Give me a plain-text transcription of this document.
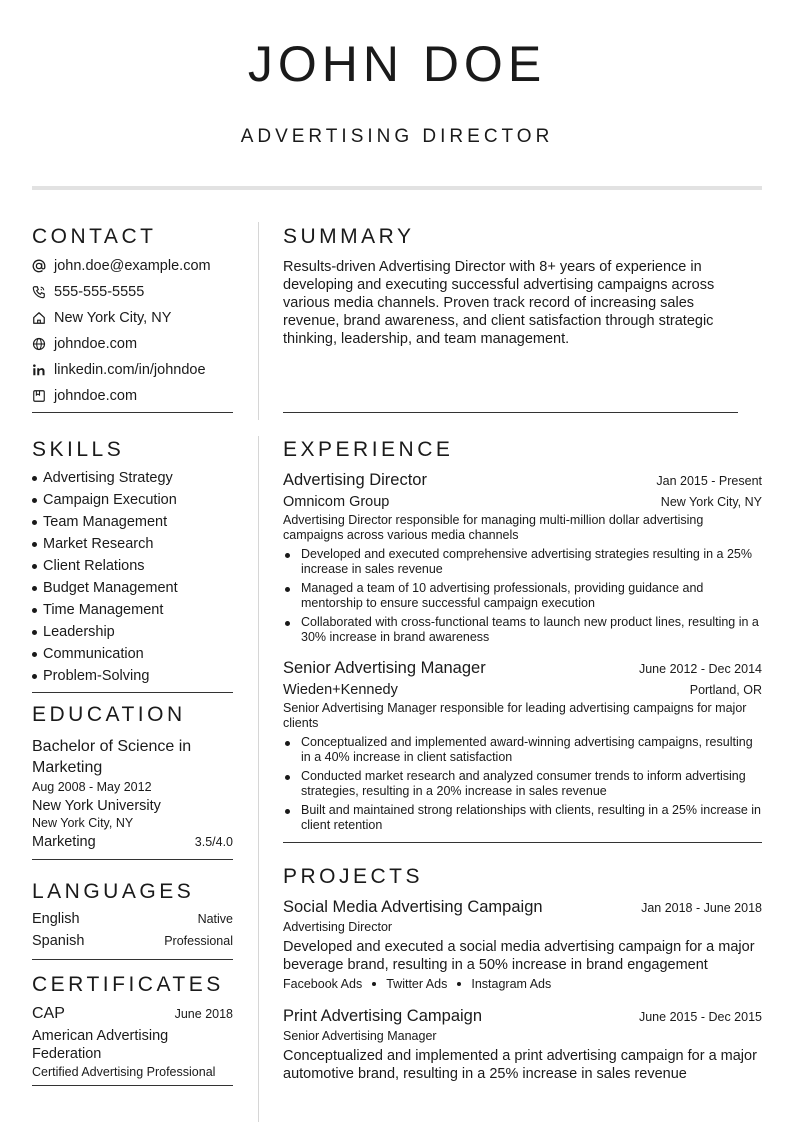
JOHN DOE
ADVERTISING DIRECTOR
CONTACT
john.doe@example.com
555-555-5555
New York City, NY
johndoe.com
linkedin.com/in/johndoe
johndoe.com
SKILLS
Advertising Strategy
Campaign Execution
Team Management
Market Research
Client Relations
Budget Management
Time Management
Leadership
Communication
Problem-Solving
EDUCATION
Bachelor of Science in Marketing
Aug 2008 - May 2012
New York University
New York City, NY
Marketing	3.5/4.0
LANGUAGES
English	Native
Spanish	Professional
CERTIFICATES
CAP	June 2018
American Advertising Federation
Certified Advertising Professional
SUMMARY
Results-driven Advertising Director with 8+ years of experience in developing and executing successful advertising campaigns across various media channels. Proven track record of increasing sales revenue, brand awareness, and client satisfaction through strategic thinking, leadership, and team management.
EXPERIENCE
Advertising Director	Jan 2015 - Present
Omnicom Group	New York City, NY
Advertising Director responsible for managing multi-million dollar advertising campaigns across various media channels
Developed and executed comprehensive advertising strategies resulting in a 25% increase in sales revenue
Managed a team of 10 advertising professionals, providing guidance and mentorship to ensure successful campaign execution
Collaborated with cross-functional teams to launch new product lines, resulting in a 30% increase in brand awareness
Senior Advertising Manager	June 2012 - Dec 2014
Wieden+Kennedy	Portland, OR
Senior Advertising Manager responsible for leading advertising campaigns for major clients
Conceptualized and implemented award-winning advertising campaigns, resulting in a 40% increase in client satisfaction
Conducted market research and analyzed consumer trends to inform advertising strategies, resulting in a 20% increase in sales revenue
Built and maintained strong relationships with clients, resulting in a 25% increase in client retention
PROJECTS
Social Media Advertising Campaign	Jan 2018 - June 2018
Advertising Director
Developed and executed a social media advertising campaign for a major beverage brand, resulting in a 50% increase in brand engagement
Facebook Ads Twitter Ads Instagram Ads
Print Advertising Campaign	June 2015 - Dec 2015
Senior Advertising Manager
Conceptualized and implemented a print advertising campaign for a major automotive brand, resulting in a 25% increase in sales revenue
